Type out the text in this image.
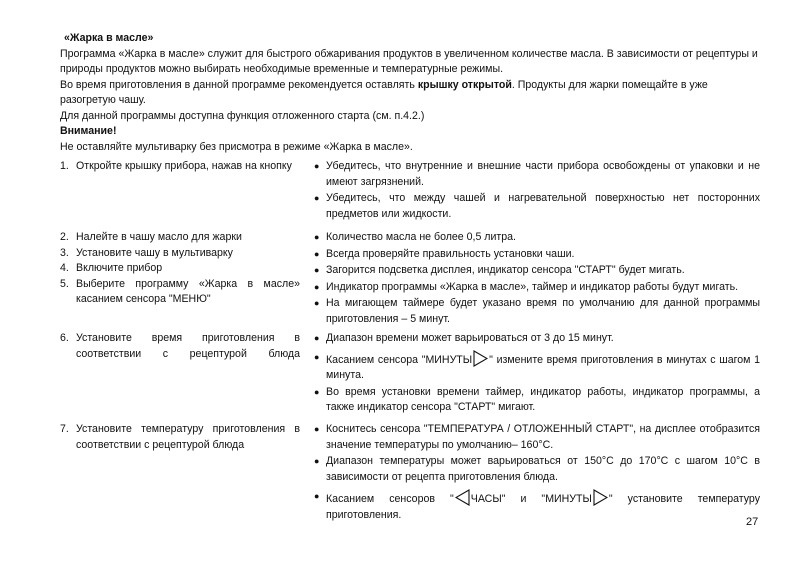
«Жарка в масле»

Программа «Жарка в масле» служит для быстрого обжаривания продуктов в увеличенном количестве масла. В зависимости от рецептуры и природы продуктов можно выбирать необходимые временные и температурные режимы.

Во время приготовления в данной программе рекомендуется оставлять крышку открытой. Продукты для жарки помещайте в уже разогретую чашу.

Для данной программы доступна функция отложенного старта (см. п.4.2.)

Внимание!

Не оставляйте мультиварку без присмотра в режиме «Жарка в масле».

1. Откройте крышку прибора, нажав на кнопку	● Убедитесь, что внутренние и внешние части прибора освобождены от упаковки и не имеют загрязнений.
● Убедитесь, что между чашей и нагревательной поверхностью нет посторонних предметов или жидкости.
2. Налейте в чашу масло для жарки
3. Установите чашу в мультиварку
4. Включите прибор
5. Выберите программу «Жарка в масле» касанием сенсора "МЕНЮ"
● Количество масла не более 0,5 литра.
● Всегда проверяйте правильность установки чаши.
● Загорится подсветка дисплея, индикатор сенсора "СТАРТ" будет мигать.
● Индикатор программы «Жарка в масле», таймер и индикатор работы будут мигать.
● На мигающем таймере будет указано время по умолчанию для данной программы приготовления – 5 минут.
6. Установите время приготовления в соответствии с рецептурой блюда
● Диапазон времени может варьироваться от 3 до 15 минут.
● Касанием сенсора "МИНУТЫ " измените время приготовления в минутах с шагом 1 минута.
● Во время установки времени таймер, индикатор работы, индикатор программы, а также индикатор сенсора "СТАРТ" мигают.
7. Установите температуру приготовления в соответствии с рецептурой блюда
● Коснитесь сенсора "ТЕМПЕРАТУРА / ОТЛОЖЕННЫЙ СТАРТ", на дисплее отобразится значение температуры по умолчанию– 160°С.
● Диапазон температуры может варьироваться от 150°С до 170°С с шагом 10°С в зависимости от рецепта приготовления блюда.
● Касанием сенсоров " ЧАСЫ" и "МИНУТЫ " установите температуру приготовления.
27
